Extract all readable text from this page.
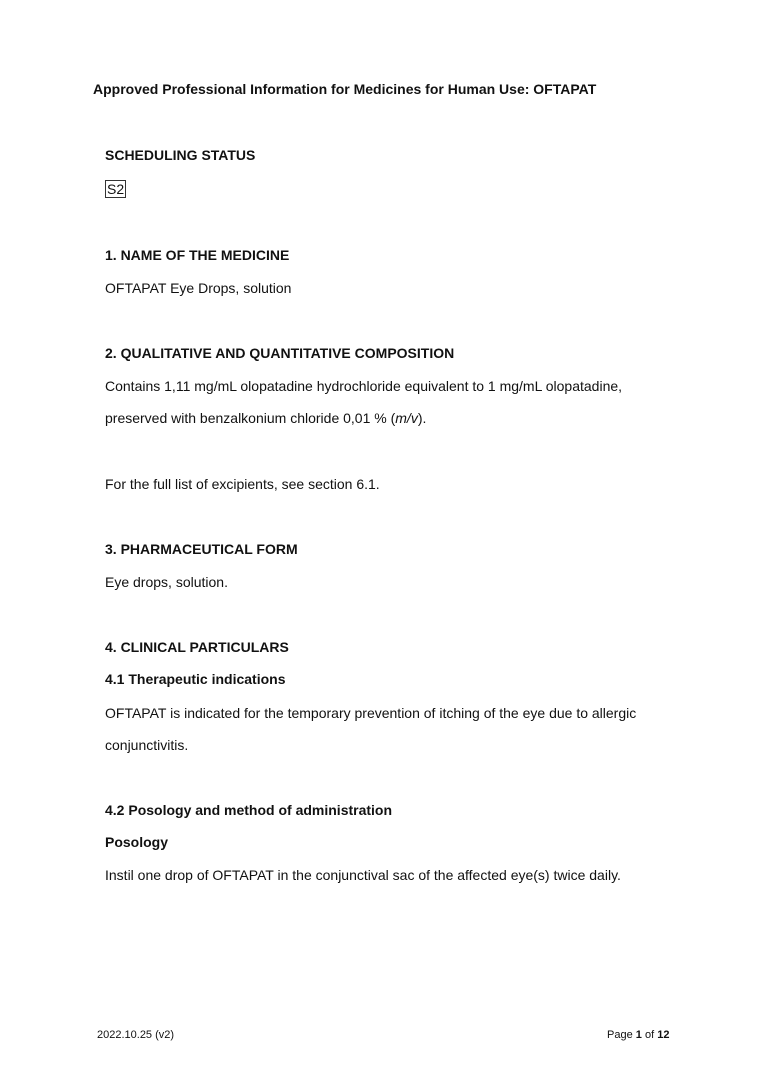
Approved Professional Information for Medicines for Human Use: OFTAPAT
SCHEDULING STATUS
S2
1. NAME OF THE MEDICINE
OFTAPAT Eye Drops, solution
2. QUALITATIVE AND QUANTITATIVE COMPOSITION
Contains 1,11 mg/mL olopatadine hydrochloride equivalent to 1 mg/mL olopatadine,
preserved with benzalkonium chloride 0,01 % (m/v).
For the full list of excipients, see section 6.1.
3. PHARMACEUTICAL FORM
Eye drops, solution.
4. CLINICAL PARTICULARS
4.1 Therapeutic indications
OFTAPAT is indicated for the temporary prevention of itching of the eye due to allergic
conjunctivitis.
4.2 Posology and method of administration
Posology
Instil one drop of OFTAPAT in the conjunctival sac of the affected eye(s) twice daily.
2022.10.25 (v2)	Page 1 of 12
